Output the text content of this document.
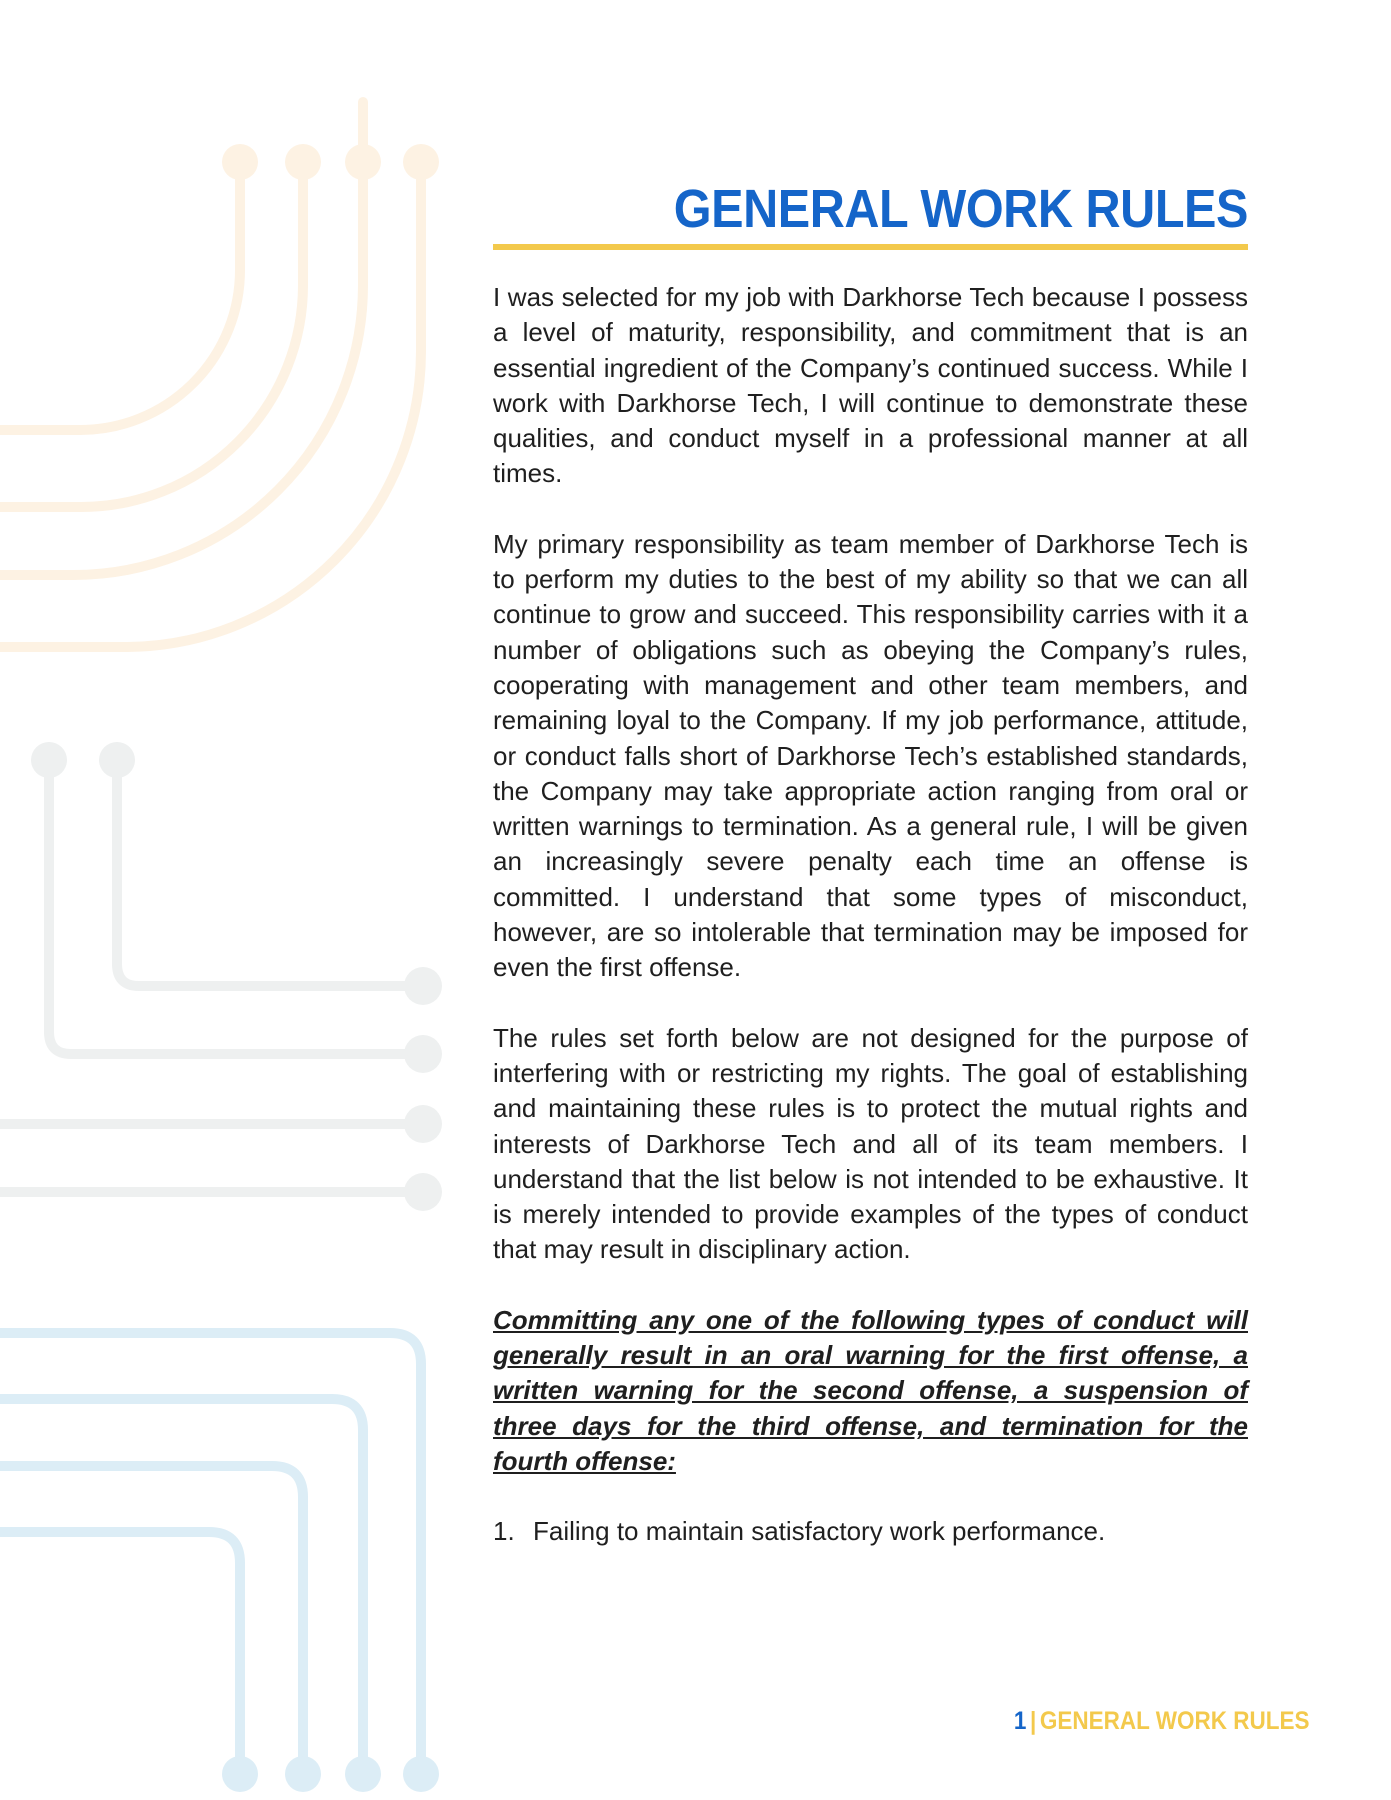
GENERAL WORK RULES

I was selected for my job with Darkhorse Tech because I possess a level of maturity, responsibility, and commitment that is an essential ingredient of the Company’s continued success. While I work with Darkhorse Tech, I will continue to demonstrate these qualities, and conduct myself in a professional manner at all times.

My primary responsibility as team member of Darkhorse Tech is to perform my duties to the best of my ability so that we can all continue to grow and succeed. This responsibility carries with it a number of obligations such as obeying the Company’s rules, cooperating with management and other team members, and remaining loyal to the Company. If my job performance, attitude, or conduct falls short of Darkhorse Tech’s established standards, the Company may take appropriate action ranging from oral or written warnings to termination. As a general rule, I will be given an increasingly severe penalty each time an offense is committed. I understand that some types of misconduct, however, are so intolerable that termination may be imposed for even the first offense.

The rules set forth below are not designed for the purpose of interfering with or restricting my rights. The goal of establishing and maintaining these rules is to protect the mutual rights and interests of Darkhorse Tech and all of its team members. I understand that the list below is not intended to be exhaustive. It is merely intended to provide examples of the types of conduct that may result in disciplinary action.

Committing any one of the following types of conduct will generally result in an oral warning for the first offense, a written warning for the second offense, a suspension of three days for the third offense, and termination for the fourth offense:

1. Failing to maintain satisfactory work performance.
1 | GENERAL WORK RULES
